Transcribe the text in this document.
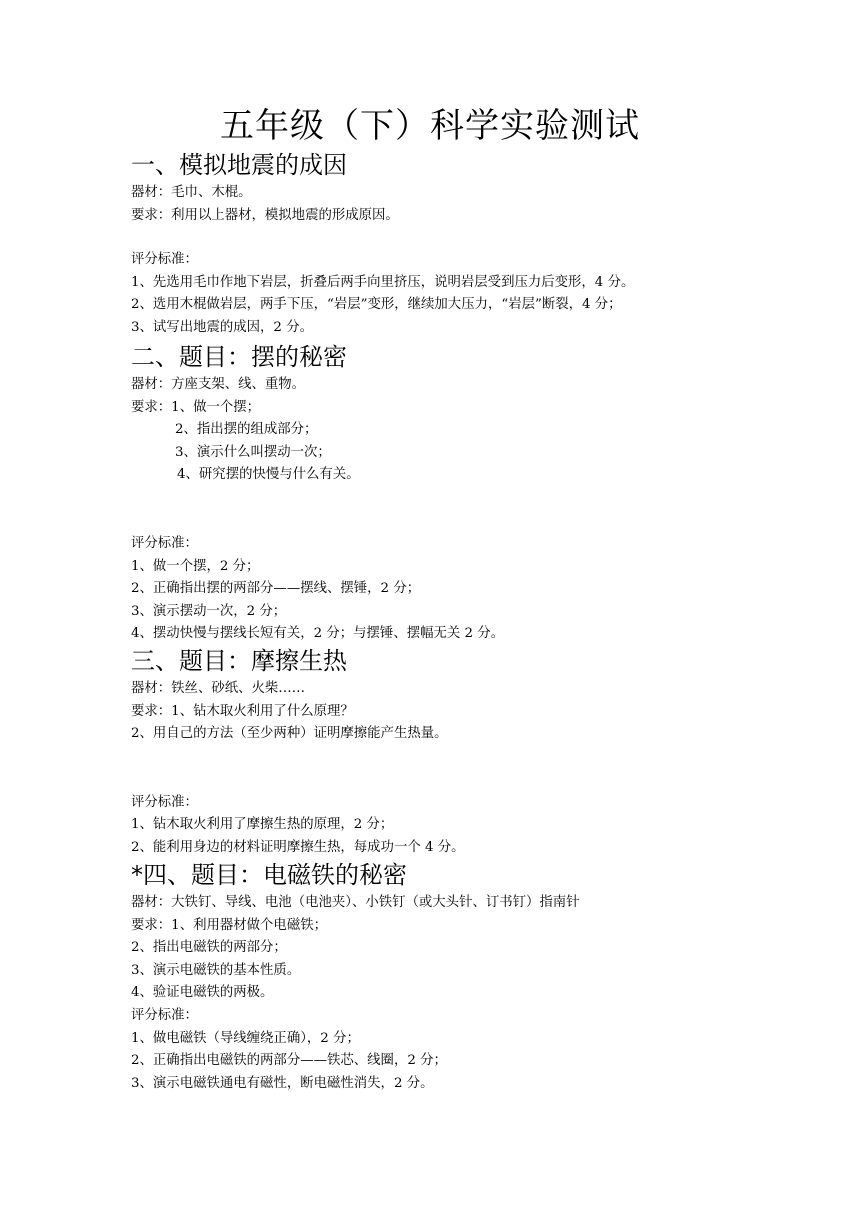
五年级（下）科学实验测试
一、模拟地震的成因
器材：毛巾、木棍。
要求：利用以上器材，模拟地震的形成原因。
评分标准：
1、先选用毛巾作地下岩层，折叠后两手向里挤压，说明岩层受到压力后变形，4 分。
2、选用木棍做岩层，两手下压，“岩层”变形，继续加大压力，“岩层”断裂，4 分；
3、试写出地震的成因，2 分。
二、题目：摆的秘密
器材：方座支架、线、重物。
要求：1、做一个摆；
2、指出摆的组成部分；
3、演示什么叫摆动一次；
4、研究摆的快慢与什么有关。
评分标准：
1、做一个摆，2 分；
2、正确指出摆的两部分——摆线、摆锤，2 分；
3、演示摆动一次，2 分；
4、摆动快慢与摆线长短有关，2 分；与摆锤、摆幅无关 2 分。
三、题目：摩擦生热
器材：铁丝、砂纸、火柴……
要求：1、钻木取火利用了什么原理？
2、用自己的方法（至少两种）证明摩擦能产生热量。
评分标准：
1、钻木取火利用了摩擦生热的原理，2 分；
2、能利用身边的材料证明摩擦生热，每成功一个 4 分。
*四、题目：电磁铁的秘密
器材：大铁钉、导线、电池（电池夹）、小铁钉（或大头针、订书钉）指南针
要求：1、利用器材做个电磁铁；
2、指出电磁铁的两部分；
3、演示电磁铁的基本性质。
4、验证电磁铁的两极。
评分标准：
1、做电磁铁（导线缠绕正确），2 分；
2、正确指出电磁铁的两部分——铁芯、线圈，2 分；
3、演示电磁铁通电有磁性，断电磁性消失，2 分。
